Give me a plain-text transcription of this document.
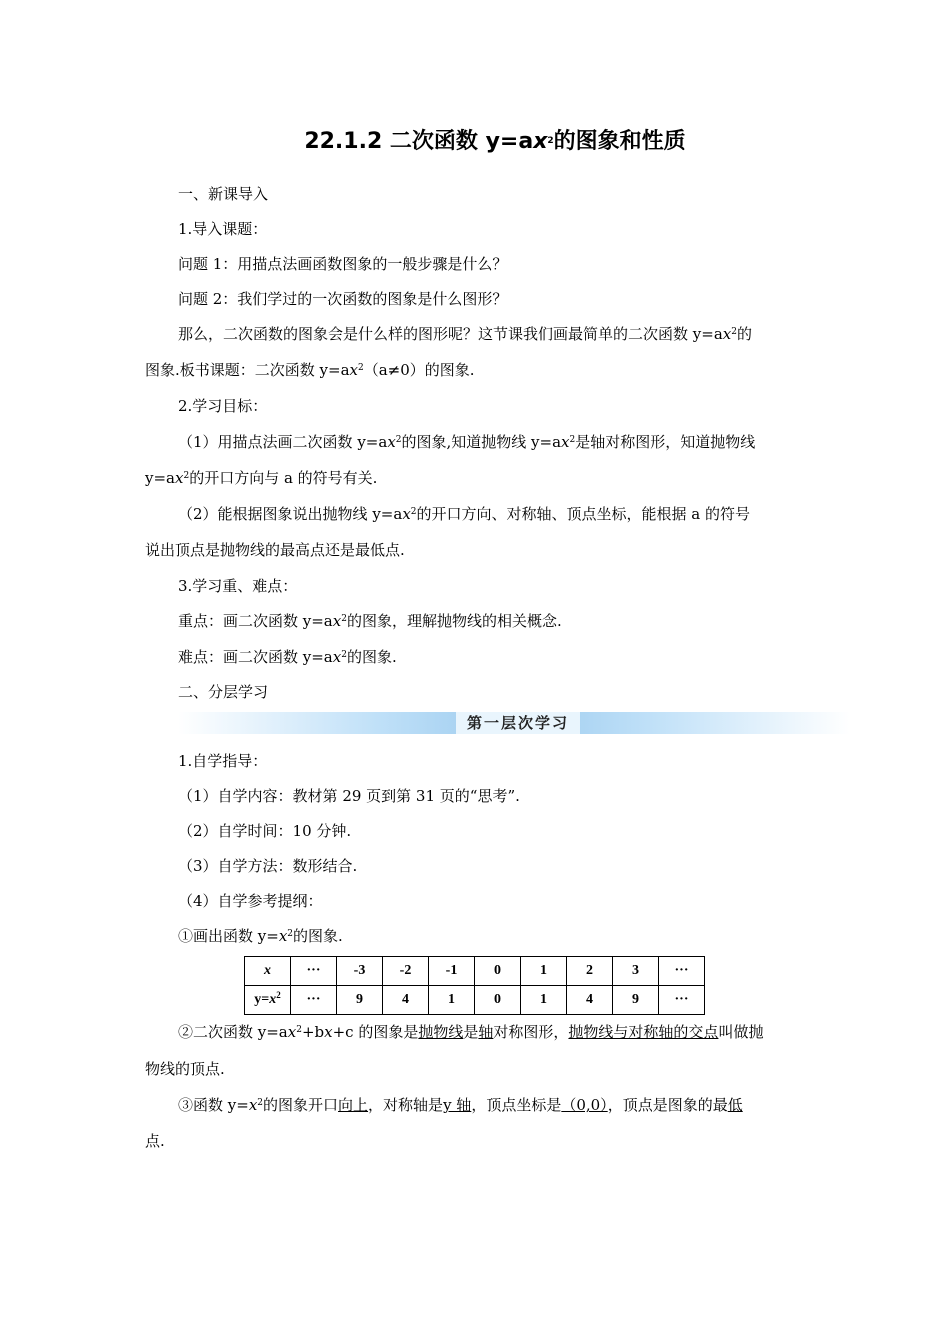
22.1.2 二次函数 $y=ax^2$的图象和性质
一、新课导入
1.导入课题：
问题 1：用描点法画函数图象的一般步骤是什么？
问题 2：我们学过的一次函数的图象是什么图形？
那么，二次函数的图象会是什么样的图形呢？这节课我们画最简单的二次函数 $y=ax^2$的
图象.板书课题：二次函数 $y=ax^2(a\ne 0)$的图象.
2.学习目标：
（1）用描点法画二次函数 $y=ax^2$的图象,知道抛物线 $y=ax^2$是轴对称图形，知道抛物线
$y=ax^2$的开口方向与 a 的符号有关.
（2）能根据图象说出抛物线 $y=ax^2$的开口方向、对称轴、顶点坐标，能根据 a 的符号
说出顶点是抛物线的最高点还是最低点.
3.学习重、难点：
重点：画二次函数 $y=ax^2$的图象，理解抛物线的相关概念.
难点：画二次函数 $y=ax^2$的图象.
二、分层学习
第一层次学习
1.自学指导：
（1）自学内容：教材第 29 页到第 31 页的“思考”.
（2）自学时间：10 分钟.
（3）自学方法：数形结合.
（4）自学参考提纲：
①画出函数 $y=x^2$的图象.
x	···	-3	-2	-1	0	1	2	3	···
$y=x^2$	···	9	4	1	0	1	4	9	···
②二次函数 $y=ax^2+bx+c$ 的图象是抛物线是轴对称图形，抛物线与对称轴的交点叫做抛
物线的顶点.
③函数 $y=x^2$的图象开口向上，对称轴是y 轴，顶点坐标是（0,0），顶点是图象的最低
点.
